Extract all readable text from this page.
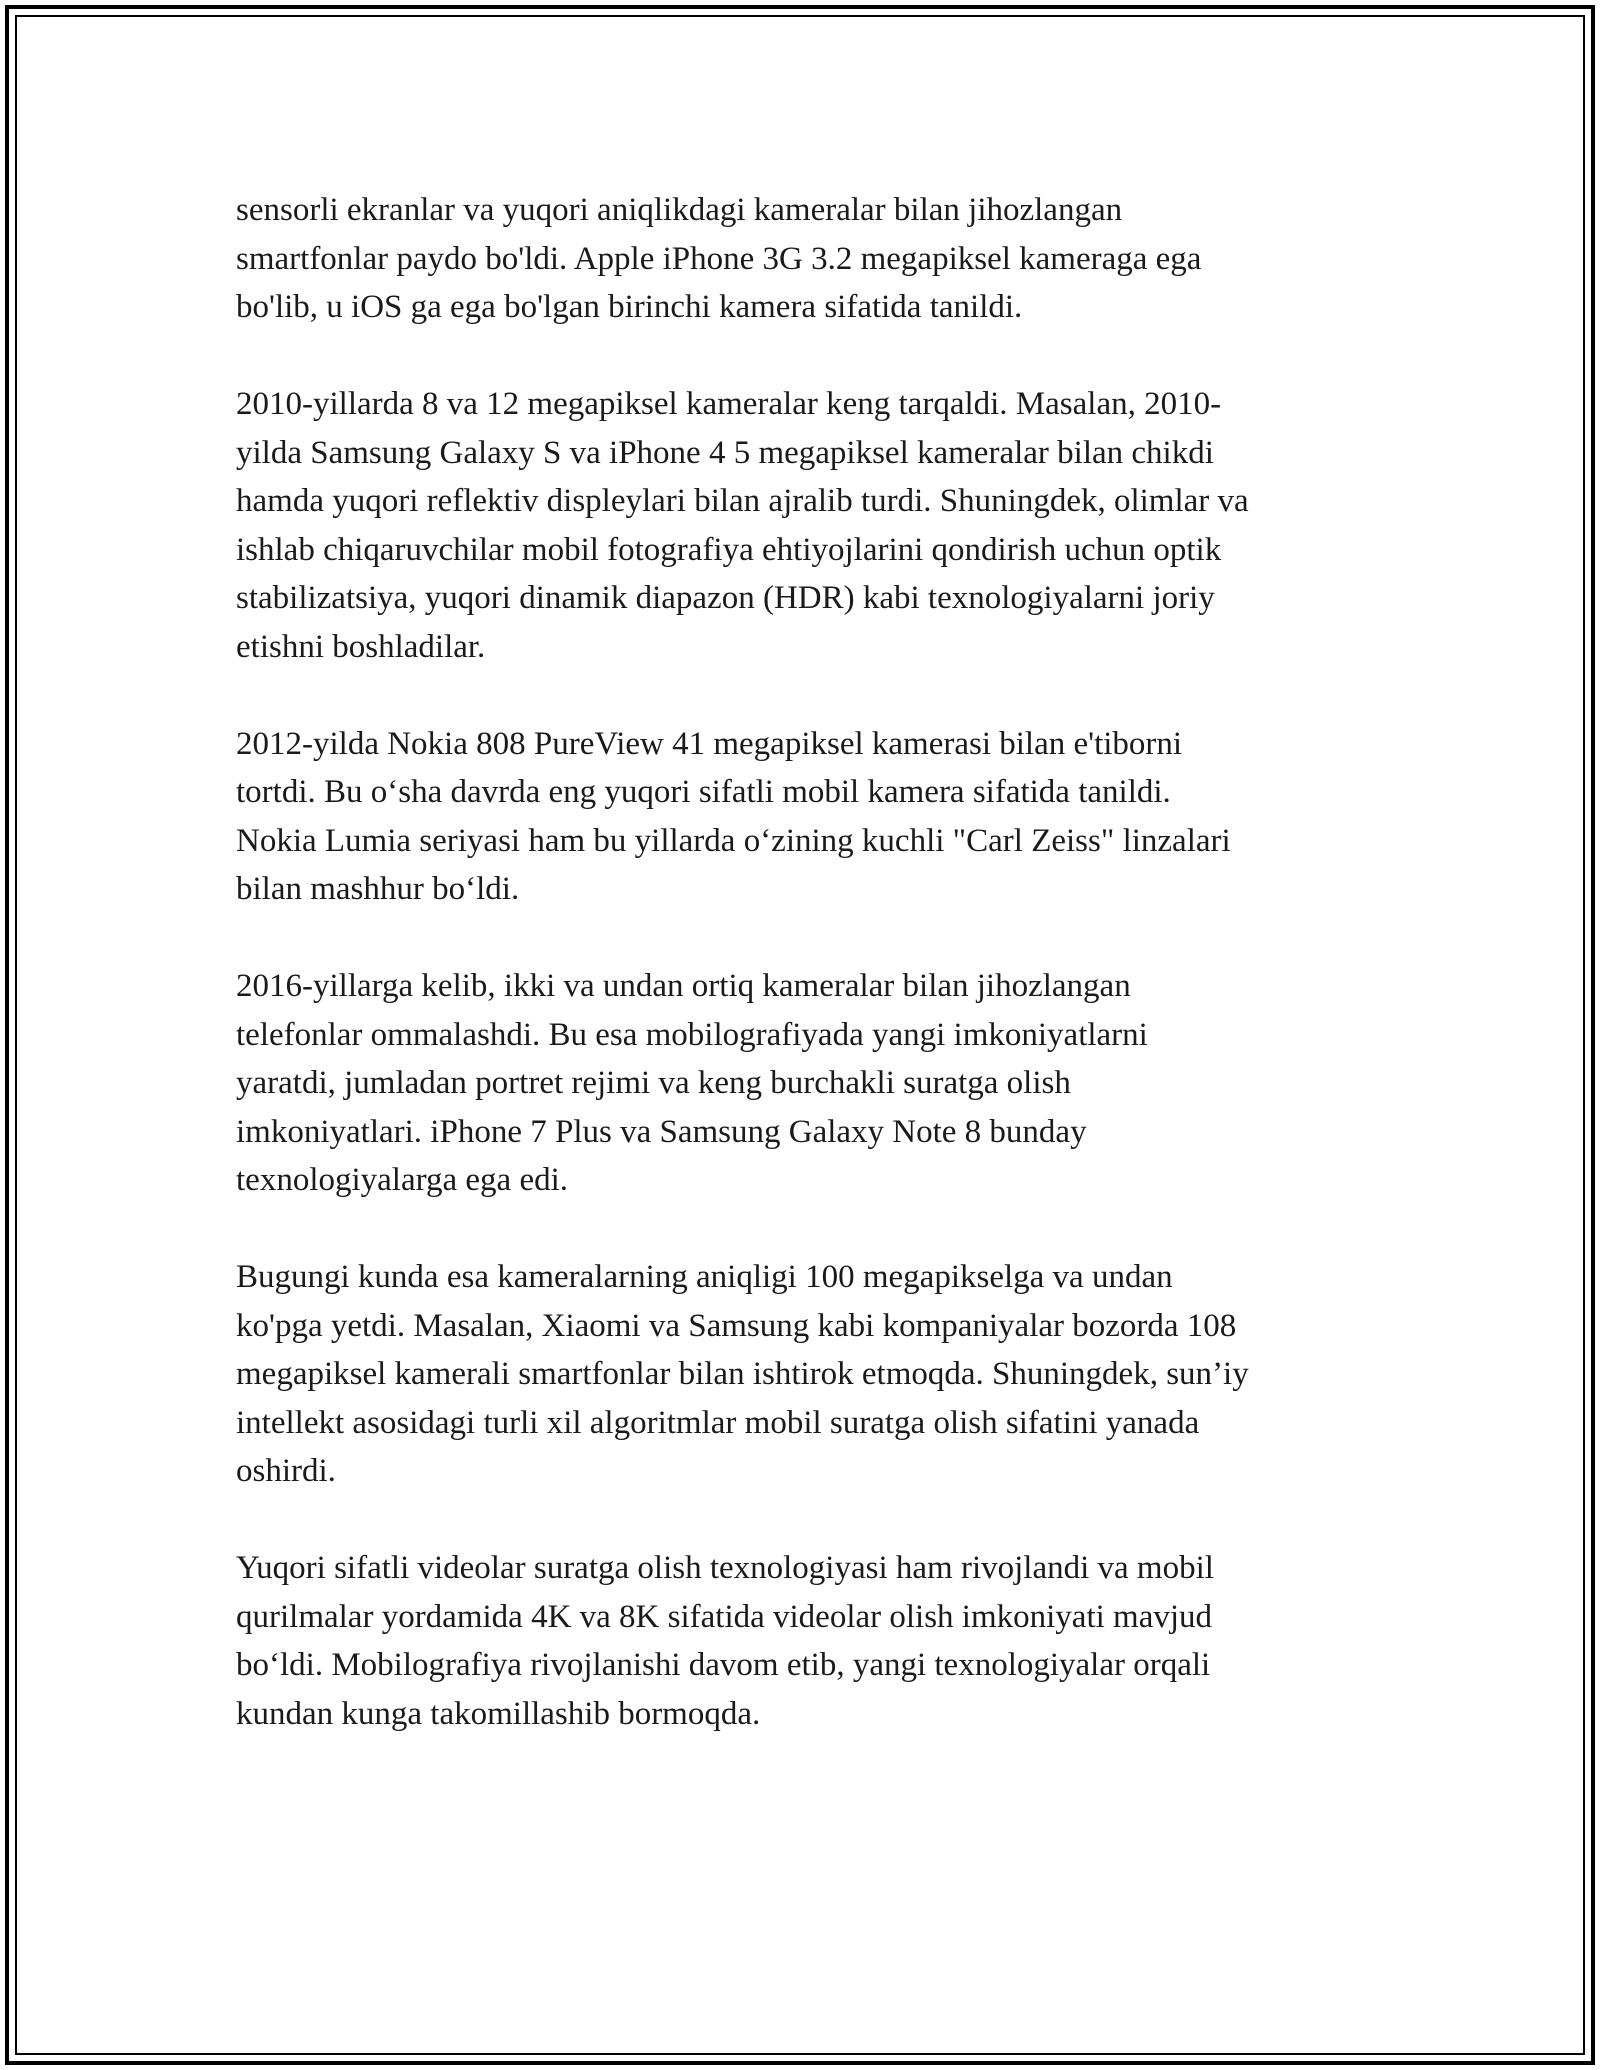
sensorli ekranlar va yuqori aniqlikdagi kameralar bilan jihozlangan
smartfonlar paydo bo'ldi. Apple iPhone 3G 3.2 megapiksel kameraga ega
bo'lib, u iOS ga ega bo'lgan birinchi kamera sifatida tanildi.

2010-yillarda 8 va 12 megapiksel kameralar keng tarqaldi. Masalan, 2010-
yilda Samsung Galaxy S va iPhone 4 5 megapiksel kameralar bilan chikdi
hamda yuqori reflektiv displeylari bilan ajralib turdi. Shuningdek, olimlar va
ishlab chiqaruvchilar mobil fotografiya ehtiyojlarini qondirish uchun optik
stabilizatsiya, yuqori dinamik diapazon (HDR) kabi texnologiyalarni joriy
etishni boshladilar.

2012-yilda Nokia 808 PureView 41 megapiksel kamerasi bilan e'tiborni
tortdi. Bu o‘sha davrda eng yuqori sifatli mobil kamera sifatida tanildi.
Nokia Lumia seriyasi ham bu yillarda o‘zining kuchli "Carl Zeiss" linzalari
bilan mashhur bo‘ldi.

2016-yillarga kelib, ikki va undan ortiq kameralar bilan jihozlangan
telefonlar ommalashdi. Bu esa mobilografiyada yangi imkoniyatlarni
yaratdi, jumladan portret rejimi va keng burchakli suratga olish
imkoniyatlari. iPhone 7 Plus va Samsung Galaxy Note 8 bunday
texnologiyalarga ega edi.

Bugungi kunda esa kameralarning aniqligi 100 megapikselga va undan
ko'pga yetdi. Masalan, Xiaomi va Samsung kabi kompaniyalar bozorda 108
megapiksel kamerali smartfonlar bilan ishtirok etmoqda. Shuningdek, sun’iy
intellekt asosidagi turli xil algoritmlar mobil suratga olish sifatini yanada
oshirdi.

Yuqori sifatli videolar suratga olish texnologiyasi ham rivojlandi va mobil
qurilmalar yordamida 4K va 8K sifatida videolar olish imkoniyati mavjud
bo‘ldi. Mobilografiya rivojlanishi davom etib, yangi texnologiyalar orqali
kundan kunga takomillashib bormoqda.
